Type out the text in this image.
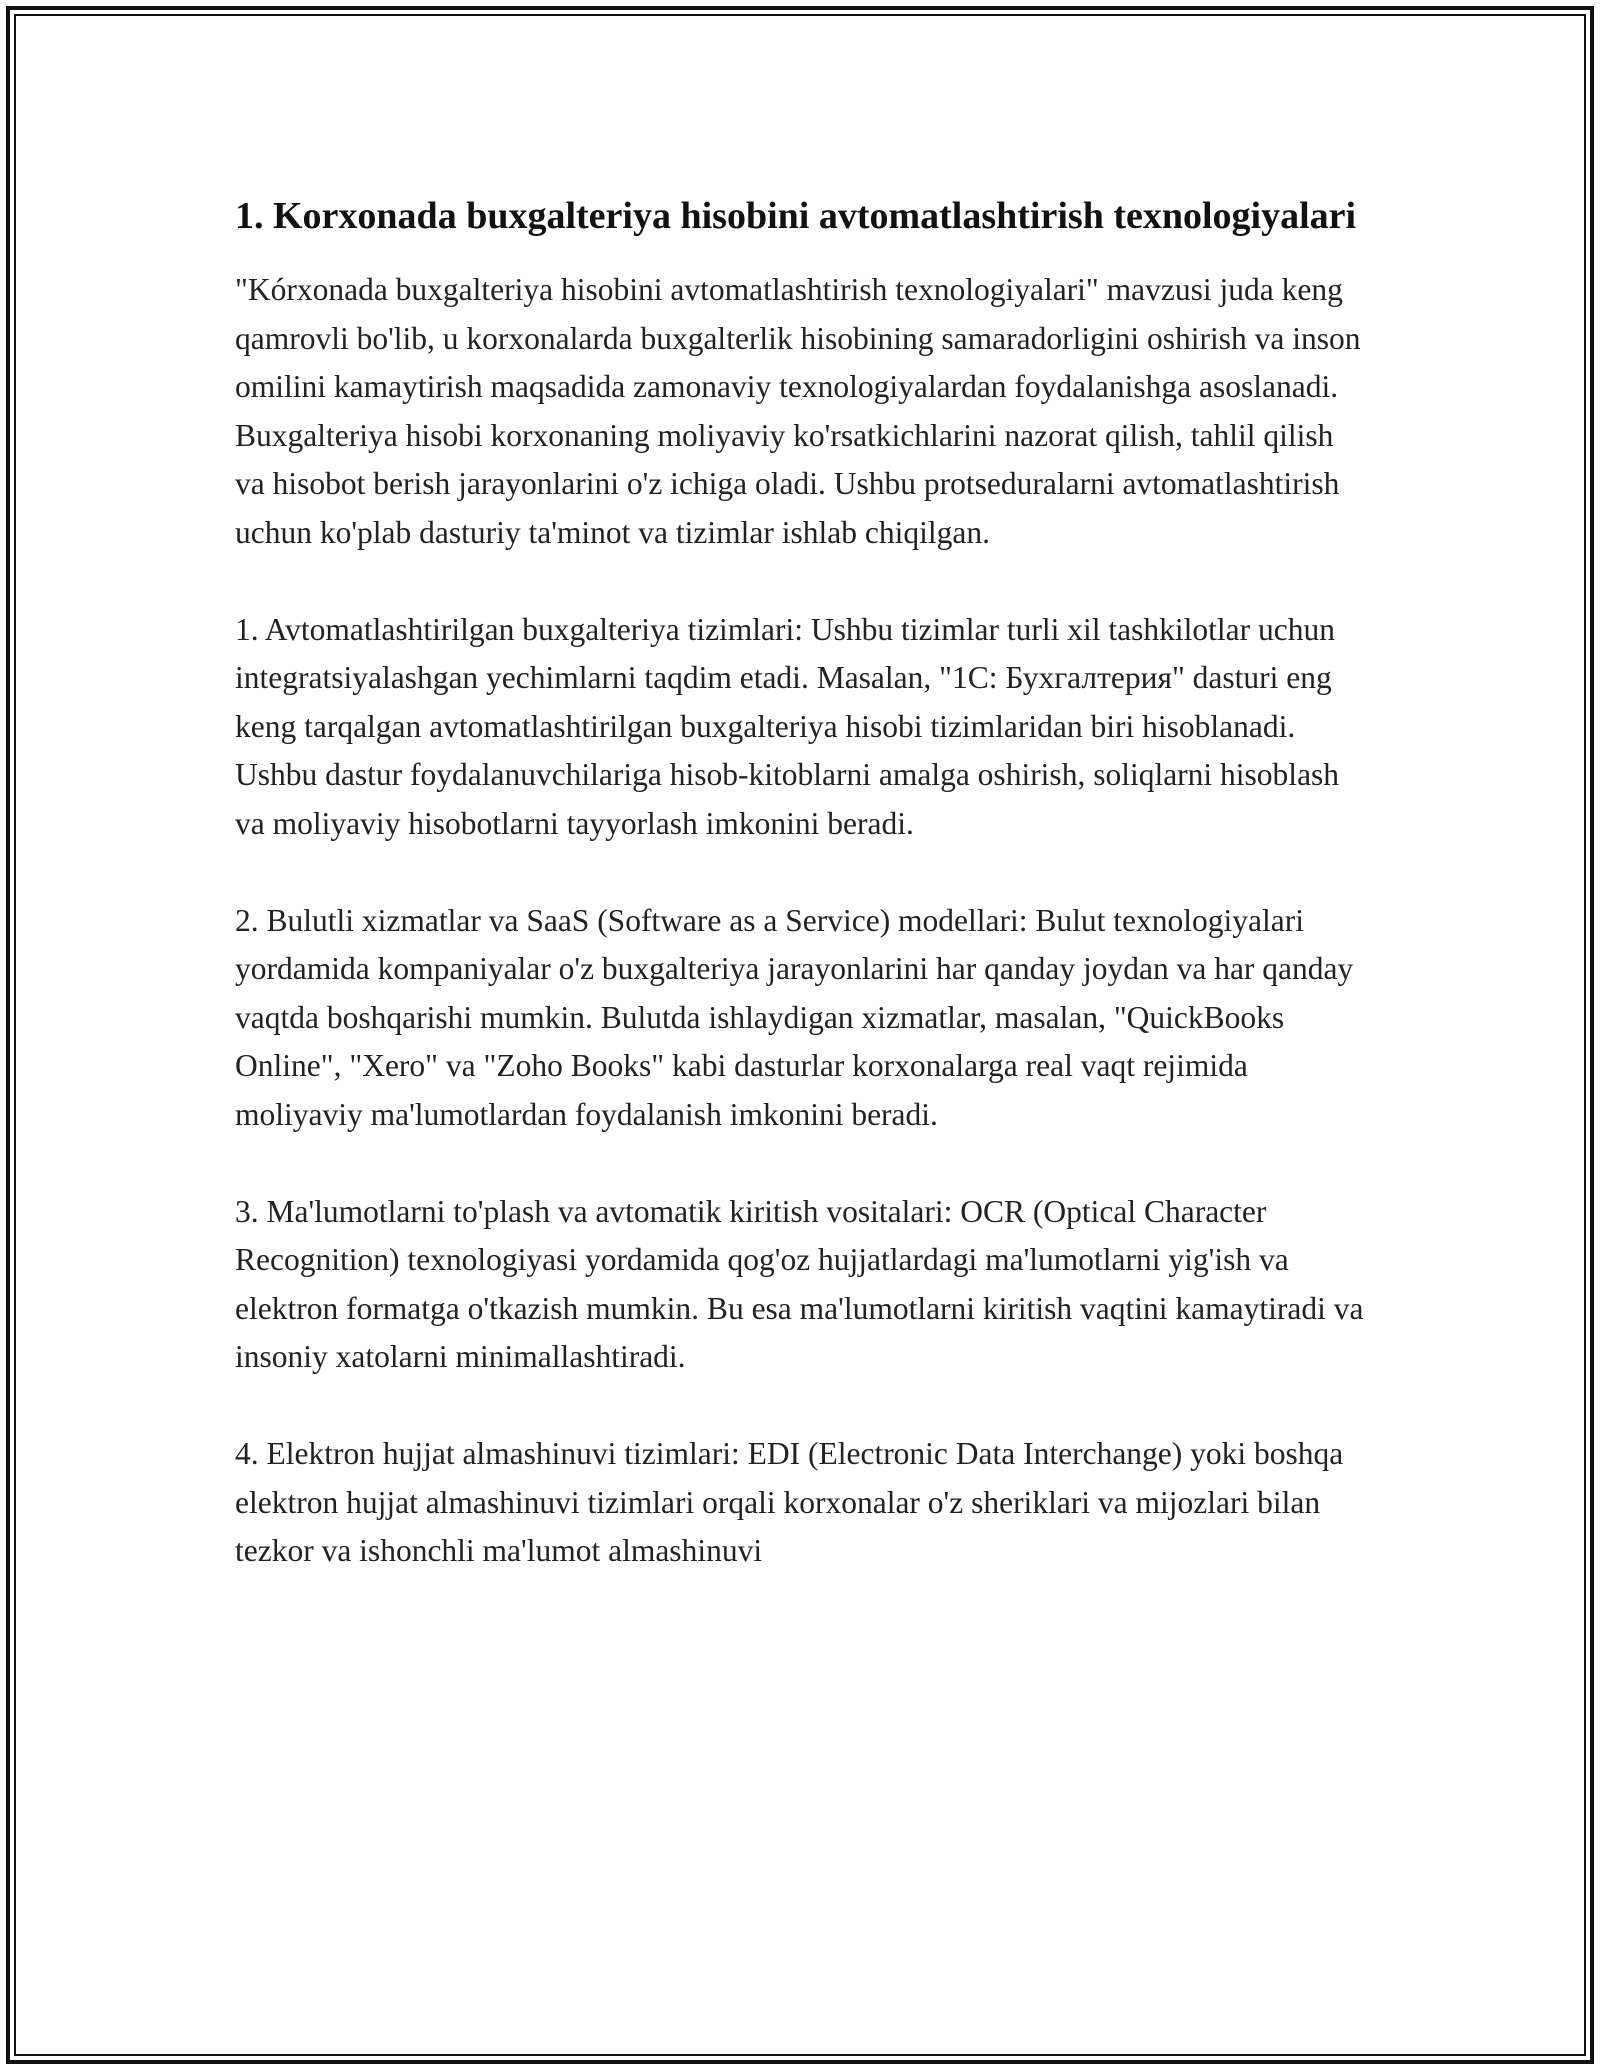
1. Korxonada buxgalteriya hisobini avtomatlashtirish texnologiyalari

"Kórxonada buxgalteriya hisobini avtomatlashtirish texnologiyalari" mavzusi juda keng qamrovli bo'lib, u korxonalarda buxgalterlik hisobining samaradorligini oshirish va inson omilini kamaytirish maqsadida zamonaviy texnologiyalardan foydalanishga asoslanadi. Buxgalteriya hisobi korxonaning moliyaviy ko'rsatkichlarini nazorat qilish, tahlil qilish va hisobot berish jarayonlarini o'z ichiga oladi. Ushbu protseduralarni avtomatlashtirish uchun ko'plab dasturiy ta'minot va tizimlar ishlab chiqilgan.

1. Avtomatlashtirilgan buxgalteriya tizimlari: Ushbu tizimlar turli xil tashkilotlar uchun integratsiyalashgan yechimlarni taqdim etadi. Masalan, "1С: Бухгалтерия" dasturi eng keng tarqalgan avtomatlashtirilgan buxgalteriya hisobi tizimlaridan biri hisoblanadi. Ushbu dastur foydalanuvchilariga hisob-kitoblarni amalga oshirish, soliqlarni hisoblash va moliyaviy hisobotlarni tayyorlash imkonini beradi.

2. Bulutli xizmatlar va SaaS (Software as a Service) modellari: Bulut texnologiyalari yordamida kompaniyalar o'z buxgalteriya jarayonlarini har qanday joydan va har qanday vaqtda boshqarishi mumkin. Bulutda ishlaydigan xizmatlar, masalan, "QuickBooks Online", "Xero" va "Zoho Books" kabi dasturlar korxonalarga real vaqt rejimida moliyaviy ma'lumotlardan foydalanish imkonini beradi.

3. Ma'lumotlarni to'plash va avtomatik kiritish vositalari: OCR (Optical Character Recognition) texnologiyasi yordamida qog'oz hujjatlardagi ma'lumotlarni yig'ish va elektron formatga o'tkazish mumkin. Bu esa ma'lumotlarni kiritish vaqtini kamaytiradi va insoniy xatolarni minimallashtiradi.

4. Elektron hujjat almashinuvi tizimlari: EDI (Electronic Data Interchange) yoki boshqa elektron hujjat almashinuvi tizimlari orqali korxonalar o'z sheriklari va mijozlari bilan tezkor va ishonchli ma'lumot almashinuvi
